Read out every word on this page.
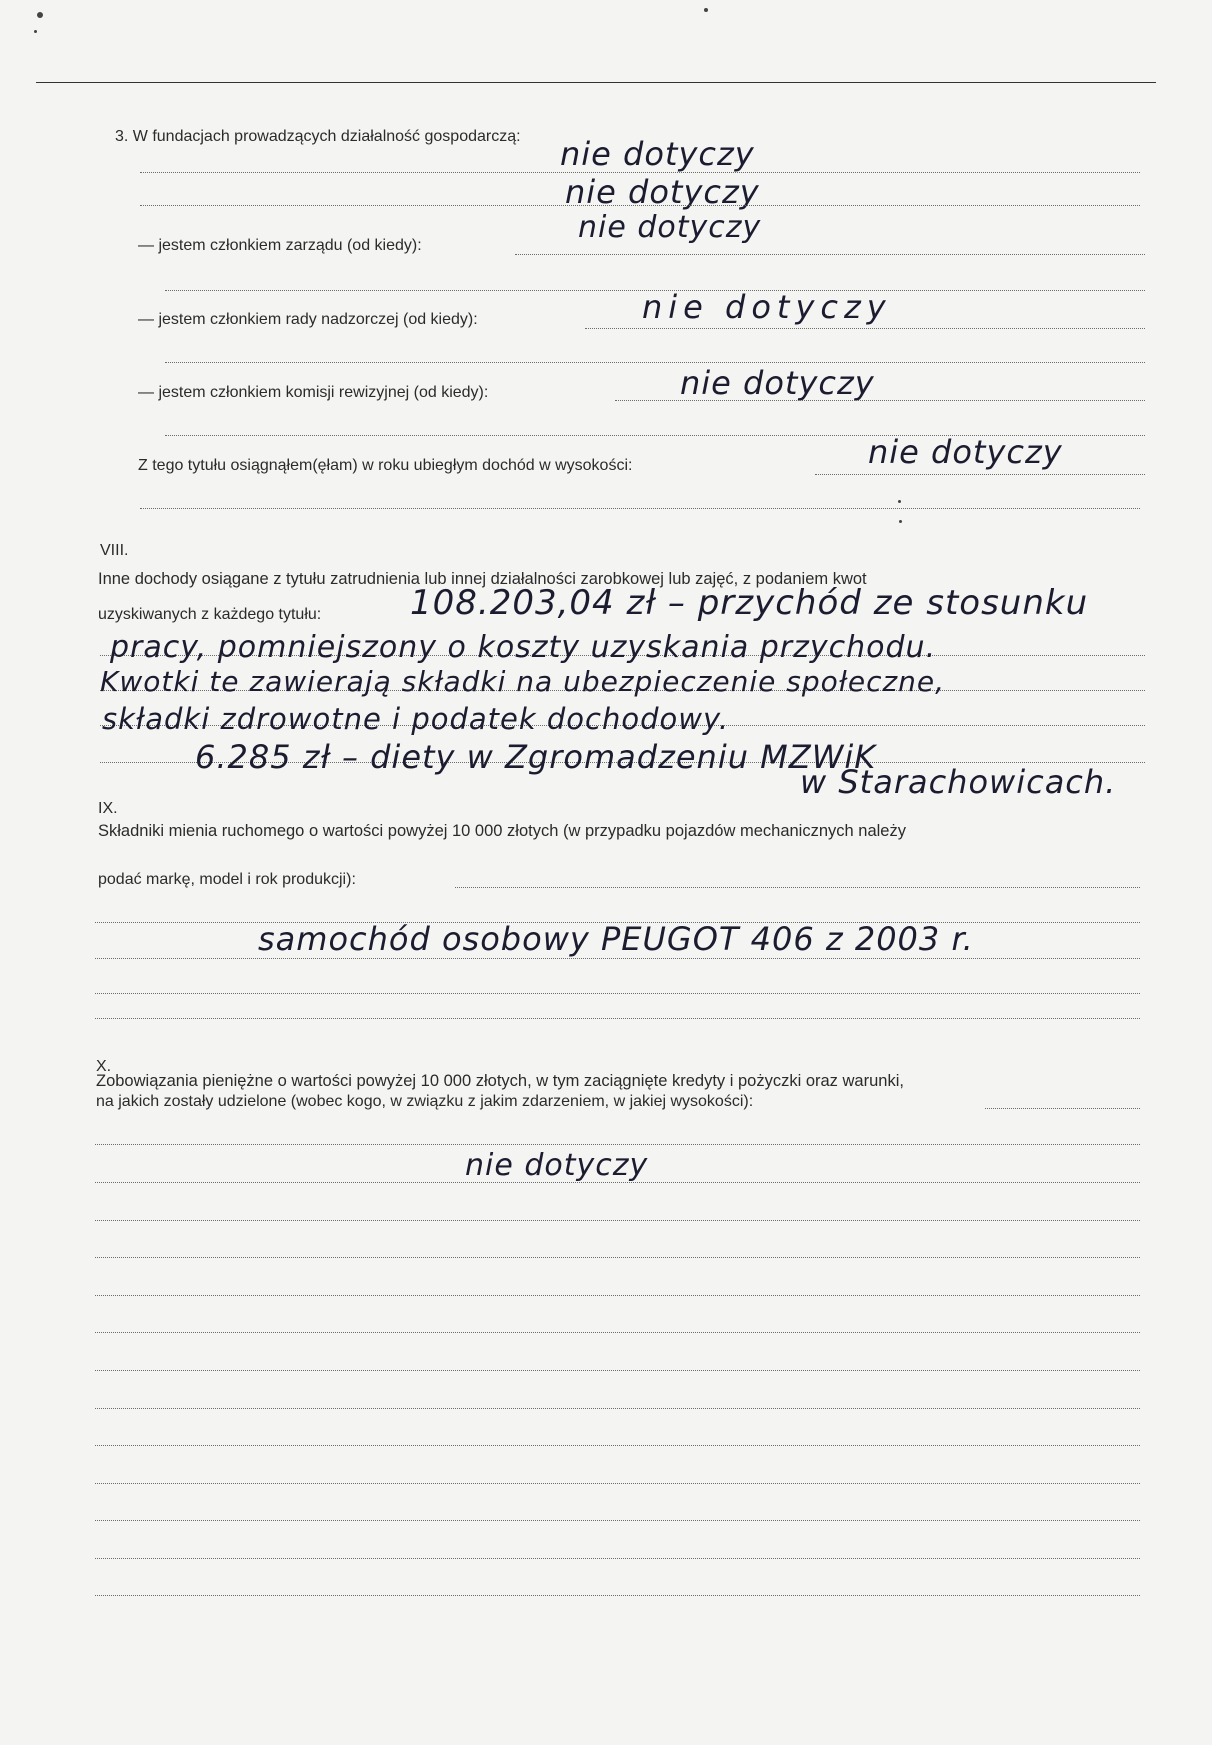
3. W fundacjach prowadzących działalność gospodarczą: nie dotyczy
nie dotyczy
— jestem członkiem zarządu (od kiedy):
nie dotyczy
— jestem członkiem rady nadzorczej (od kiedy):	nie dotyczy
— jestem członkiem komisji rewizyjnej (od kiedy):	nie dotyczy
Z tego tytułu osiągnąłem(ęłam) w roku ubiegłym dochód w wysokości:	nie dotyczy
VIII.
Inne dochody osiągane z tytułu zatrudnienia lub innej działalności zarobkowej lub zajęć, z podaniem kwot
uzyskiwanych z każdego tytułu:	108.203,04 zł – przychód ze stosunku
pracy, pomniejszony o koszty uzyskania przychodu.
Kwotki te zawierają składki na ubezpieczenie społeczne,
składki zdrowotne i podatek dochodowy.
6.285 zł – diety w Zgromadzeniu MZWiK
w Starachowicach.
IX.
Składniki mienia ruchomego o wartości powyżej 10 000 złotych (w przypadku pojazdów mechanicznych należy
podać markę, model i rok produkcji):
samochód osobowy PEUGOT 406 z 2003 r.
X.
Zobowiązania pieniężne o wartości powyżej 10 000 złotych, w tym zaciągnięte kredyty i pożyczki oraz warunki,
na jakich zostały udzielone (wobec kogo, w związku z jakim zdarzeniem, w jakiej wysokości):
nie dotyczy
